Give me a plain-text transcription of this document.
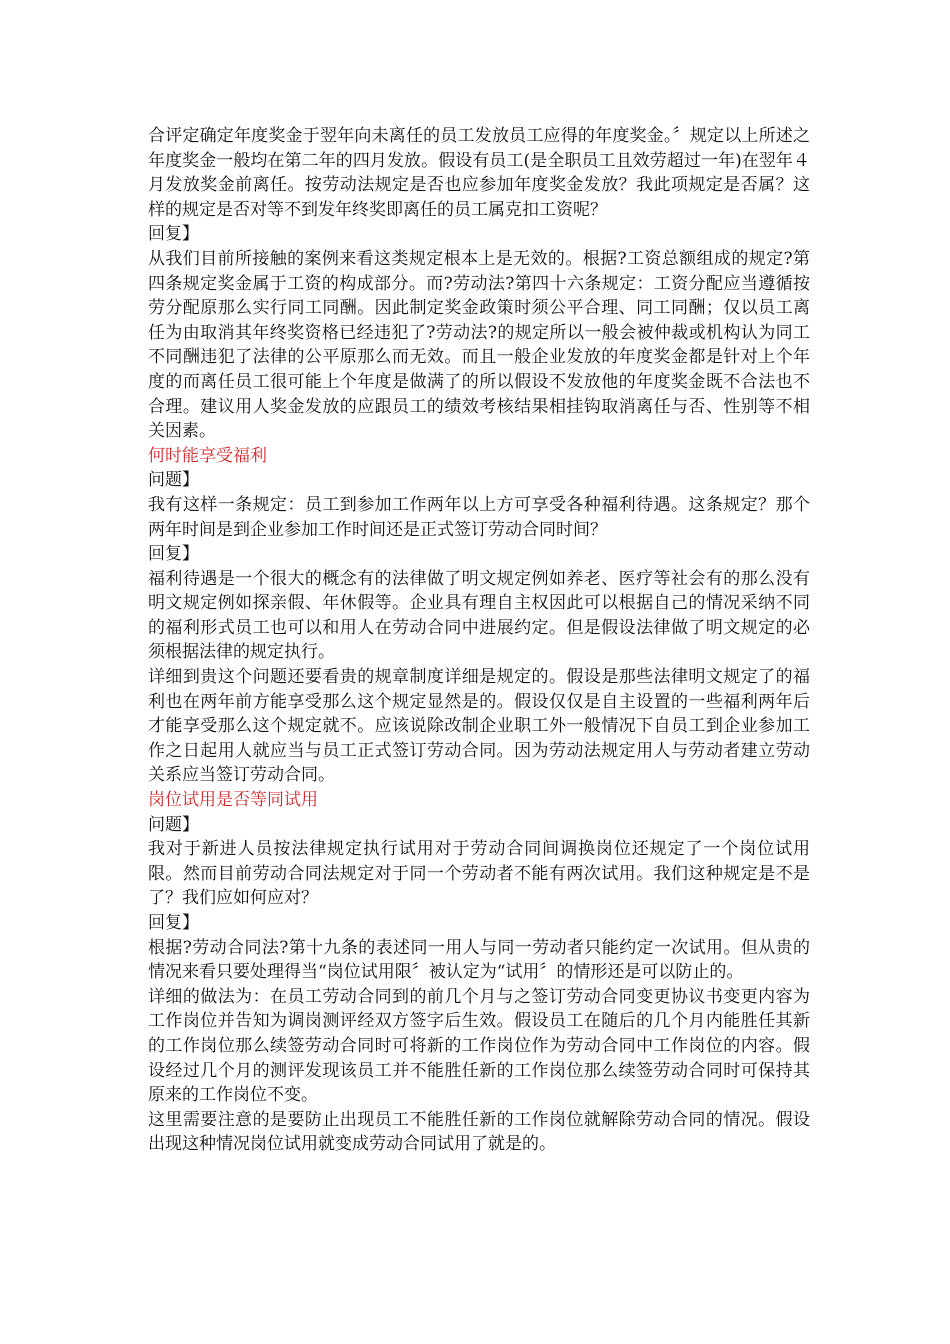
合评定确定年度奖金于翌年向未离任的员工发放员工应得的年度奖金。〞规定以上所述之年度奖金一般均在第二年的四月发放。假设有员工(是全职员工且效劳超过一年)在翌年４月发放奖金前离任。按劳动法规定是否也应参加年度奖金发放？我此项规定是否属？这样的规定是否对等不到发年终奖即离任的员工属克扣工资呢？

回复】

从我们目前所接触的案例来看这类规定根本上是无效的。根据?工资总额组成的规定?第四条规定奖金属于工资的构成部分。而?劳动法?第四十六条规定：工资分配应当遵循按劳分配原那么实行同工同酬。因此制定奖金政策时须公平合理、同工同酬；仅以员工离任为由取消其年终奖资格已经违犯了?劳动法?的规定所以一般会被仲裁或机构认为同工不同酬违犯了法律的公平原那么而无效。而且一般企业发放的年度奖金都是针对上个年度的而离任员工很可能上个年度是做满了的所以假设不发放他的年度奖金既不合法也不合理。建议用人奖金发放的应跟员工的绩效考核结果相挂钩取消离任与否、性别等不相关因素。

何时能享受福利

问题】

我有这样一条规定：员工到参加工作两年以上方可享受各种福利待遇。这条规定？那个两年时间是到企业参加工作时间还是正式签订劳动合同时间？

回复】

福利待遇是一个很大的概念有的法律做了明文规定例如养老、医疗等社会有的那么没有明文规定例如探亲假、年休假等。企业具有理自主权因此可以根据自己的情况采纳不同的福利形式员工也可以和用人在劳动合同中进展约定。但是假设法律做了明文规定的必须根据法律的规定执行。

详细到贵这个问题还要看贵的规章制度详细是规定的。假设是那些法律明文规定了的福利也在两年前方能享受那么这个规定显然是的。假设仅仅是自主设置的一些福利两年后才能享受那么这个规定就不。应该说除改制企业职工外一般情况下自员工到企业参加工作之日起用人就应当与员工正式签订劳动合同。因为劳动法规定用人与劳动者建立劳动关系应当签订劳动合同。

岗位试用是否等同试用

问题】

我对于新进人员按法律规定执行试用对于劳动合同间调换岗位还规定了一个岗位试用限。然而目前劳动合同法规定对于同一个劳动者不能有两次试用。我们这种规定是不是了？我们应如何应对？

回复】

根据?劳动合同法?第十九条的表述同一用人与同一劳动者只能约定一次试用。但从贵的情况来看只要处理得当“岗位试用限〞被认定为“试用〞的情形还是可以防止的。

详细的做法为：在员工劳动合同到的前几个月与之签订劳动合同变更协议书变更内容为工作岗位并告知为调岗测评经双方签字后生效。假设员工在随后的几个月内能胜任其新的工作岗位那么续签劳动合同时可将新的工作岗位作为劳动合同中工作岗位的内容。假设经过几个月的测评发现该员工并不能胜任新的工作岗位那么续签劳动合同时可保持其原来的工作岗位不变。

这里需要注意的是要防止出现员工不能胜任新的工作岗位就解除劳动合同的情况。假设出现这种情况岗位试用就变成劳动合同试用了就是的。
